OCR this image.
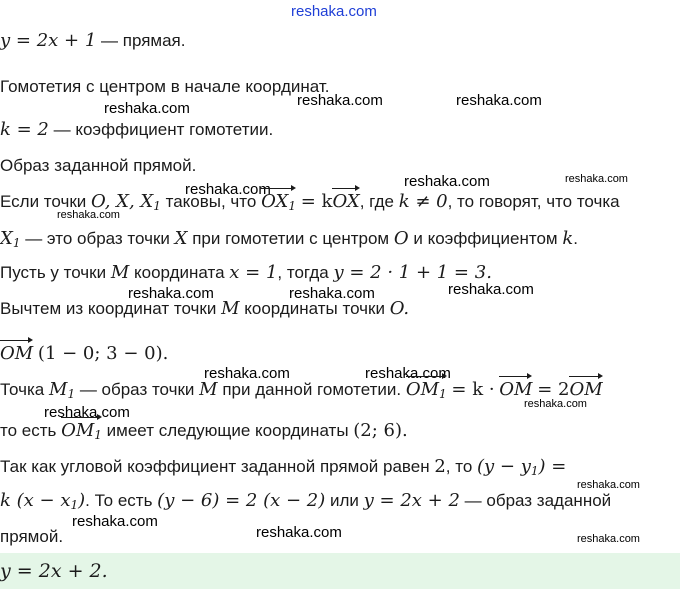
reshaka.com
reshaka.com	reshaka.com	reshaka.com
reshaka.com	reshaka.com	reshaka.com
reshaka.com
reshaka.com	reshaka.com	reshaka.com
reshaka.com	reshaka.com
reshaka.com
reshaka.com
reshaka.com
reshaka.com
reshaka.com	reshaka.com
y = 2x + 1 — прямая.
Гомотетия с центром в начале координат.
k = 2 — коэффициент гомотетии.
Образ заданной прямой.
Если точки O, X, $X_1$ таковы, что $OX_1$ = kOX, где k ≠ 0, то говорят, что точка
$X_1$ — это образ точки X при гомотетии с центром O и коэффициентом k.
Пусть у точки M координата x = 1, тогда y = 2 · 1 + 1 = 3.
Вычтем из координат точки M координаты точки O.
OM (1 − 0; 3 − 0).
Точка $M_1$ — образ точки M при данной гомотетии. $OM_1 = k$ · OM = 2OM
то есть $OM_1$ имеет следующие координаты (2; 6).
Так как угловой коэффициент заданной прямой равен 2, то $(y - y_1)$ =
k $(x - x_1)$. То есть (y − 6) = 2 (x − 2) или y = 2x + 2 — образ заданной
прямой.
y = 2x + 2.
